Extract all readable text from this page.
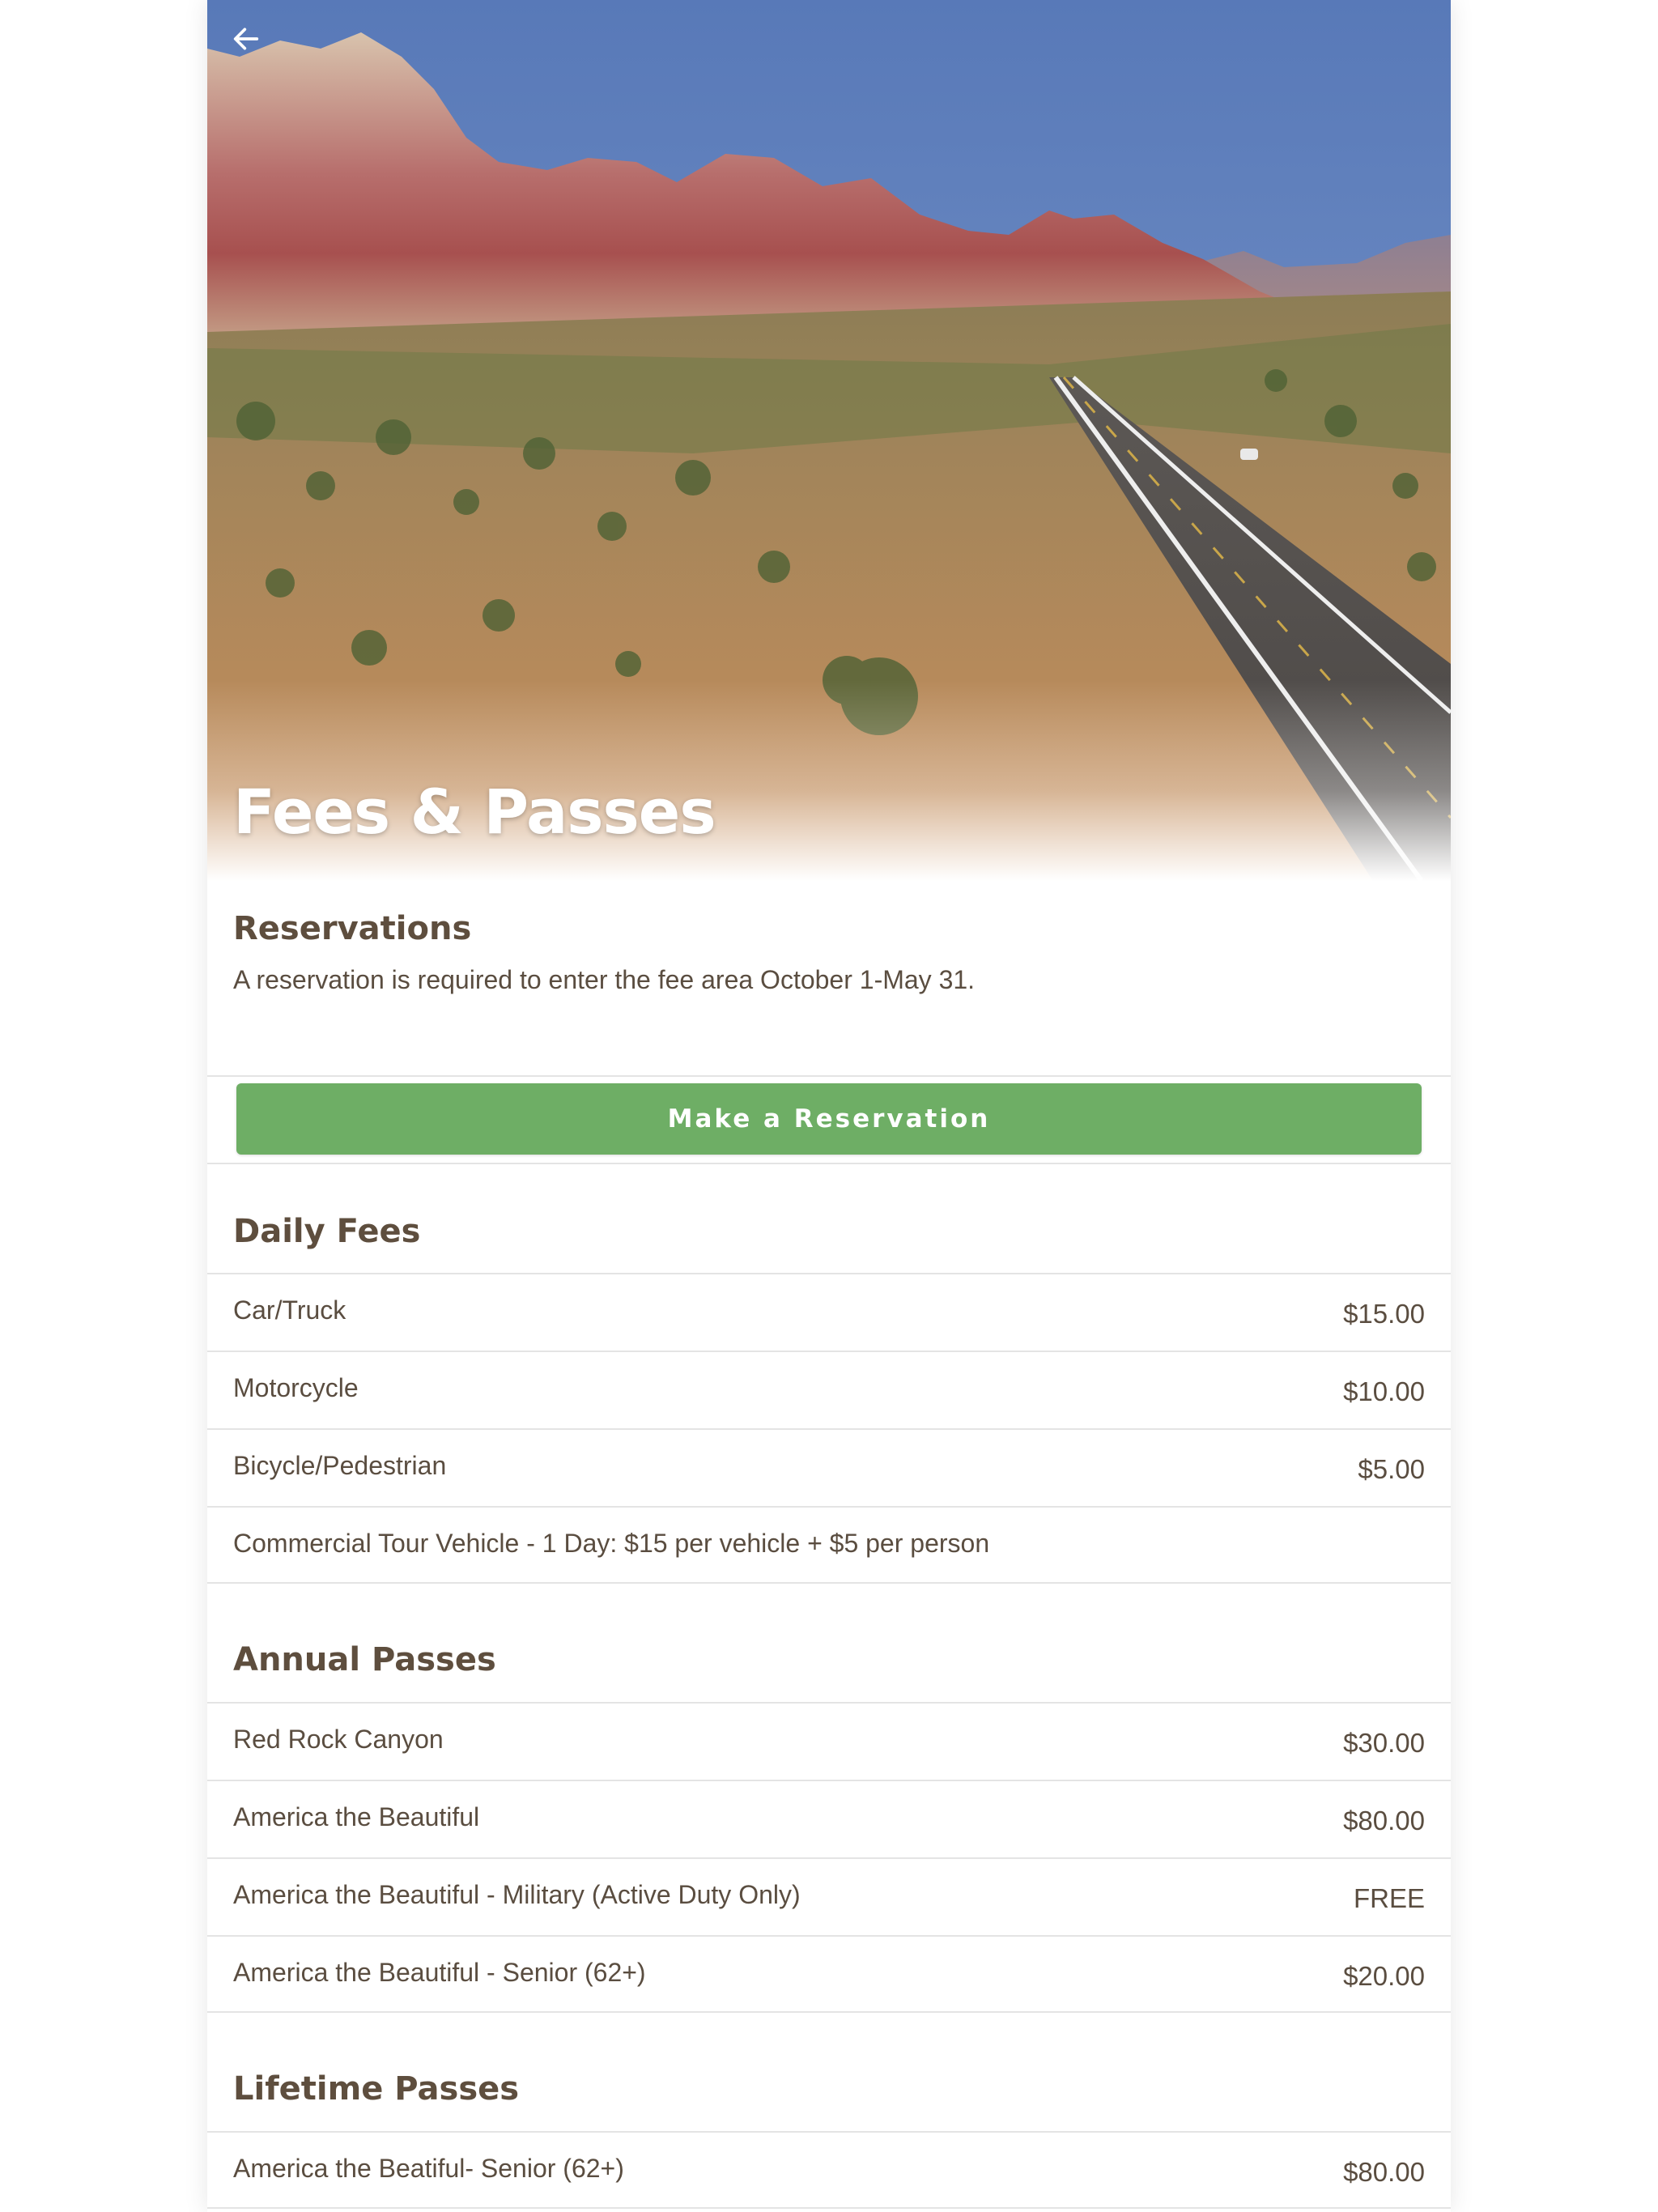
Fees & Passes
Reservations
A reservation is required to enter the fee area October 1-May 31.
Make a Reservation
Daily Fees
Car/Truck	$15.00
Motorcycle	$10.00
Bicycle/Pedestrian	$5.00
Commercial Tour Vehicle - 1 Day: $15 per vehicle + $5 per person
Annual Passes
Red Rock Canyon	$30.00
America the Beautiful	$80.00
America the Beautiful - Military (Active Duty Only)	FREE
America the Beautiful - Senior (62+)	$20.00
Lifetime Passes
America the Beatiful- Senior (62+)	$80.00
